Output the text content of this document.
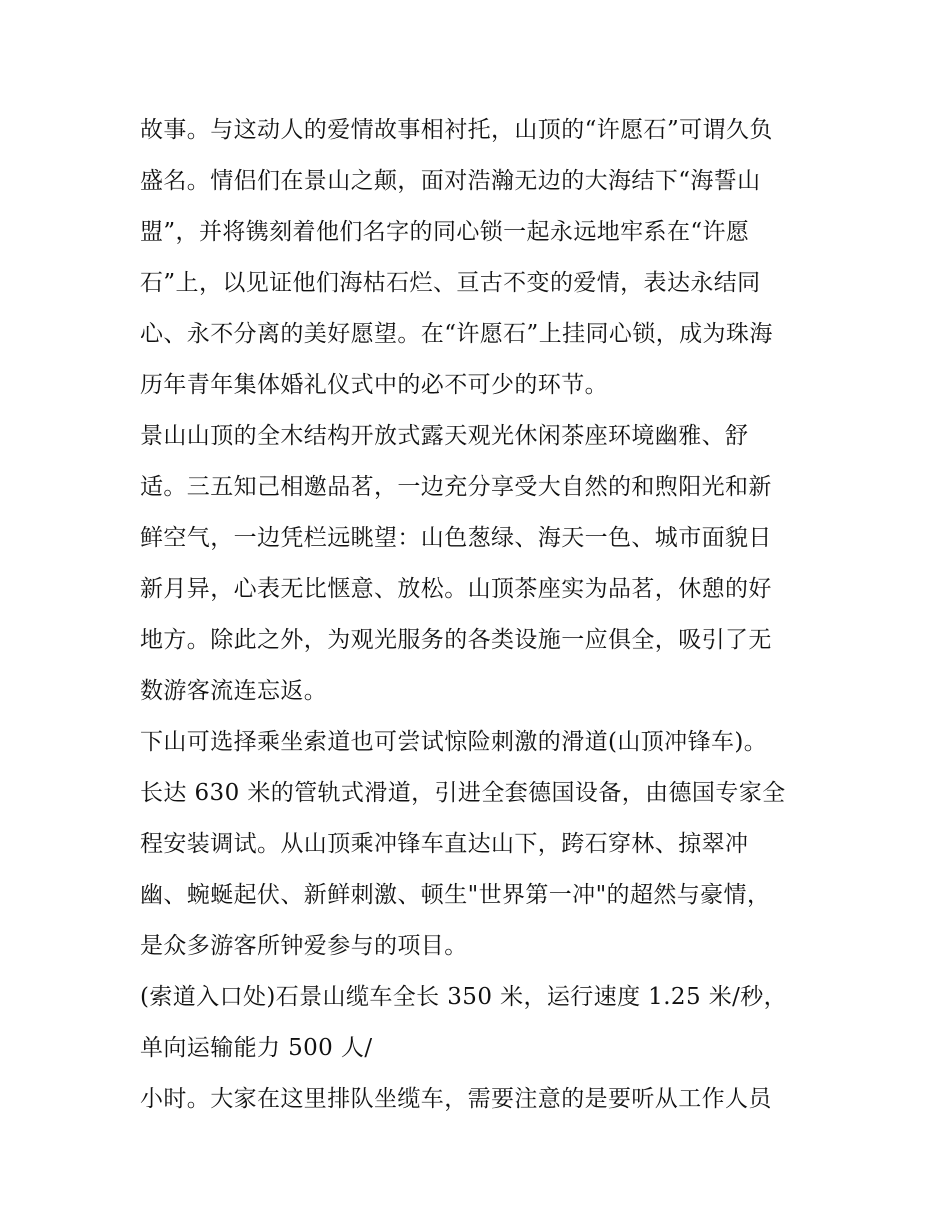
故事。与这动人的爱情故事相衬托，山顶的“许愿石”可谓久负
盛名。情侣们在景山之颠，面对浩瀚无边的大海结下“海誓山
盟”，并将镌刻着他们名字的同心锁一起永远地牢系在“许愿
石”上，以见证他们海枯石烂、亘古不变的爱情，表达永结同
心、永不分离的美好愿望。在“许愿石”上挂同心锁，成为珠海
历年青年集体婚礼仪式中的必不可少的环节。
景山山顶的全木结构开放式露天观光休闲茶座环境幽雅、舒
适。三五知己相邀品茗，一边充分享受大自然的和煦阳光和新
鲜空气，一边凭栏远眺望：山色葱绿、海天一色、城市面貌日
新月异，心表无比惬意、放松。山顶茶座实为品茗，休憩的好
地方。除此之外，为观光服务的各类设施一应俱全，吸引了无
数游客流连忘返。
下山可选择乘坐索道也可尝试惊险刺激的滑道(山顶冲锋车)。
长达 630 米的管轨式滑道，引进全套德国设备，由德国专家全
程安装调试。从山顶乘冲锋车直达山下，跨石穿林、掠翠冲
幽、蜿蜒起伏、新鲜刺激、顿生"世界第一冲"的超然与豪情，
是众多游客所钟爱参与的项目。
(索道入口处)石景山缆车全长 350 米，运行速度 1.25 米/秒，
单向运输能力 500 人/
小时。大家在这里排队坐缆车，需要注意的是要听从工作人员
